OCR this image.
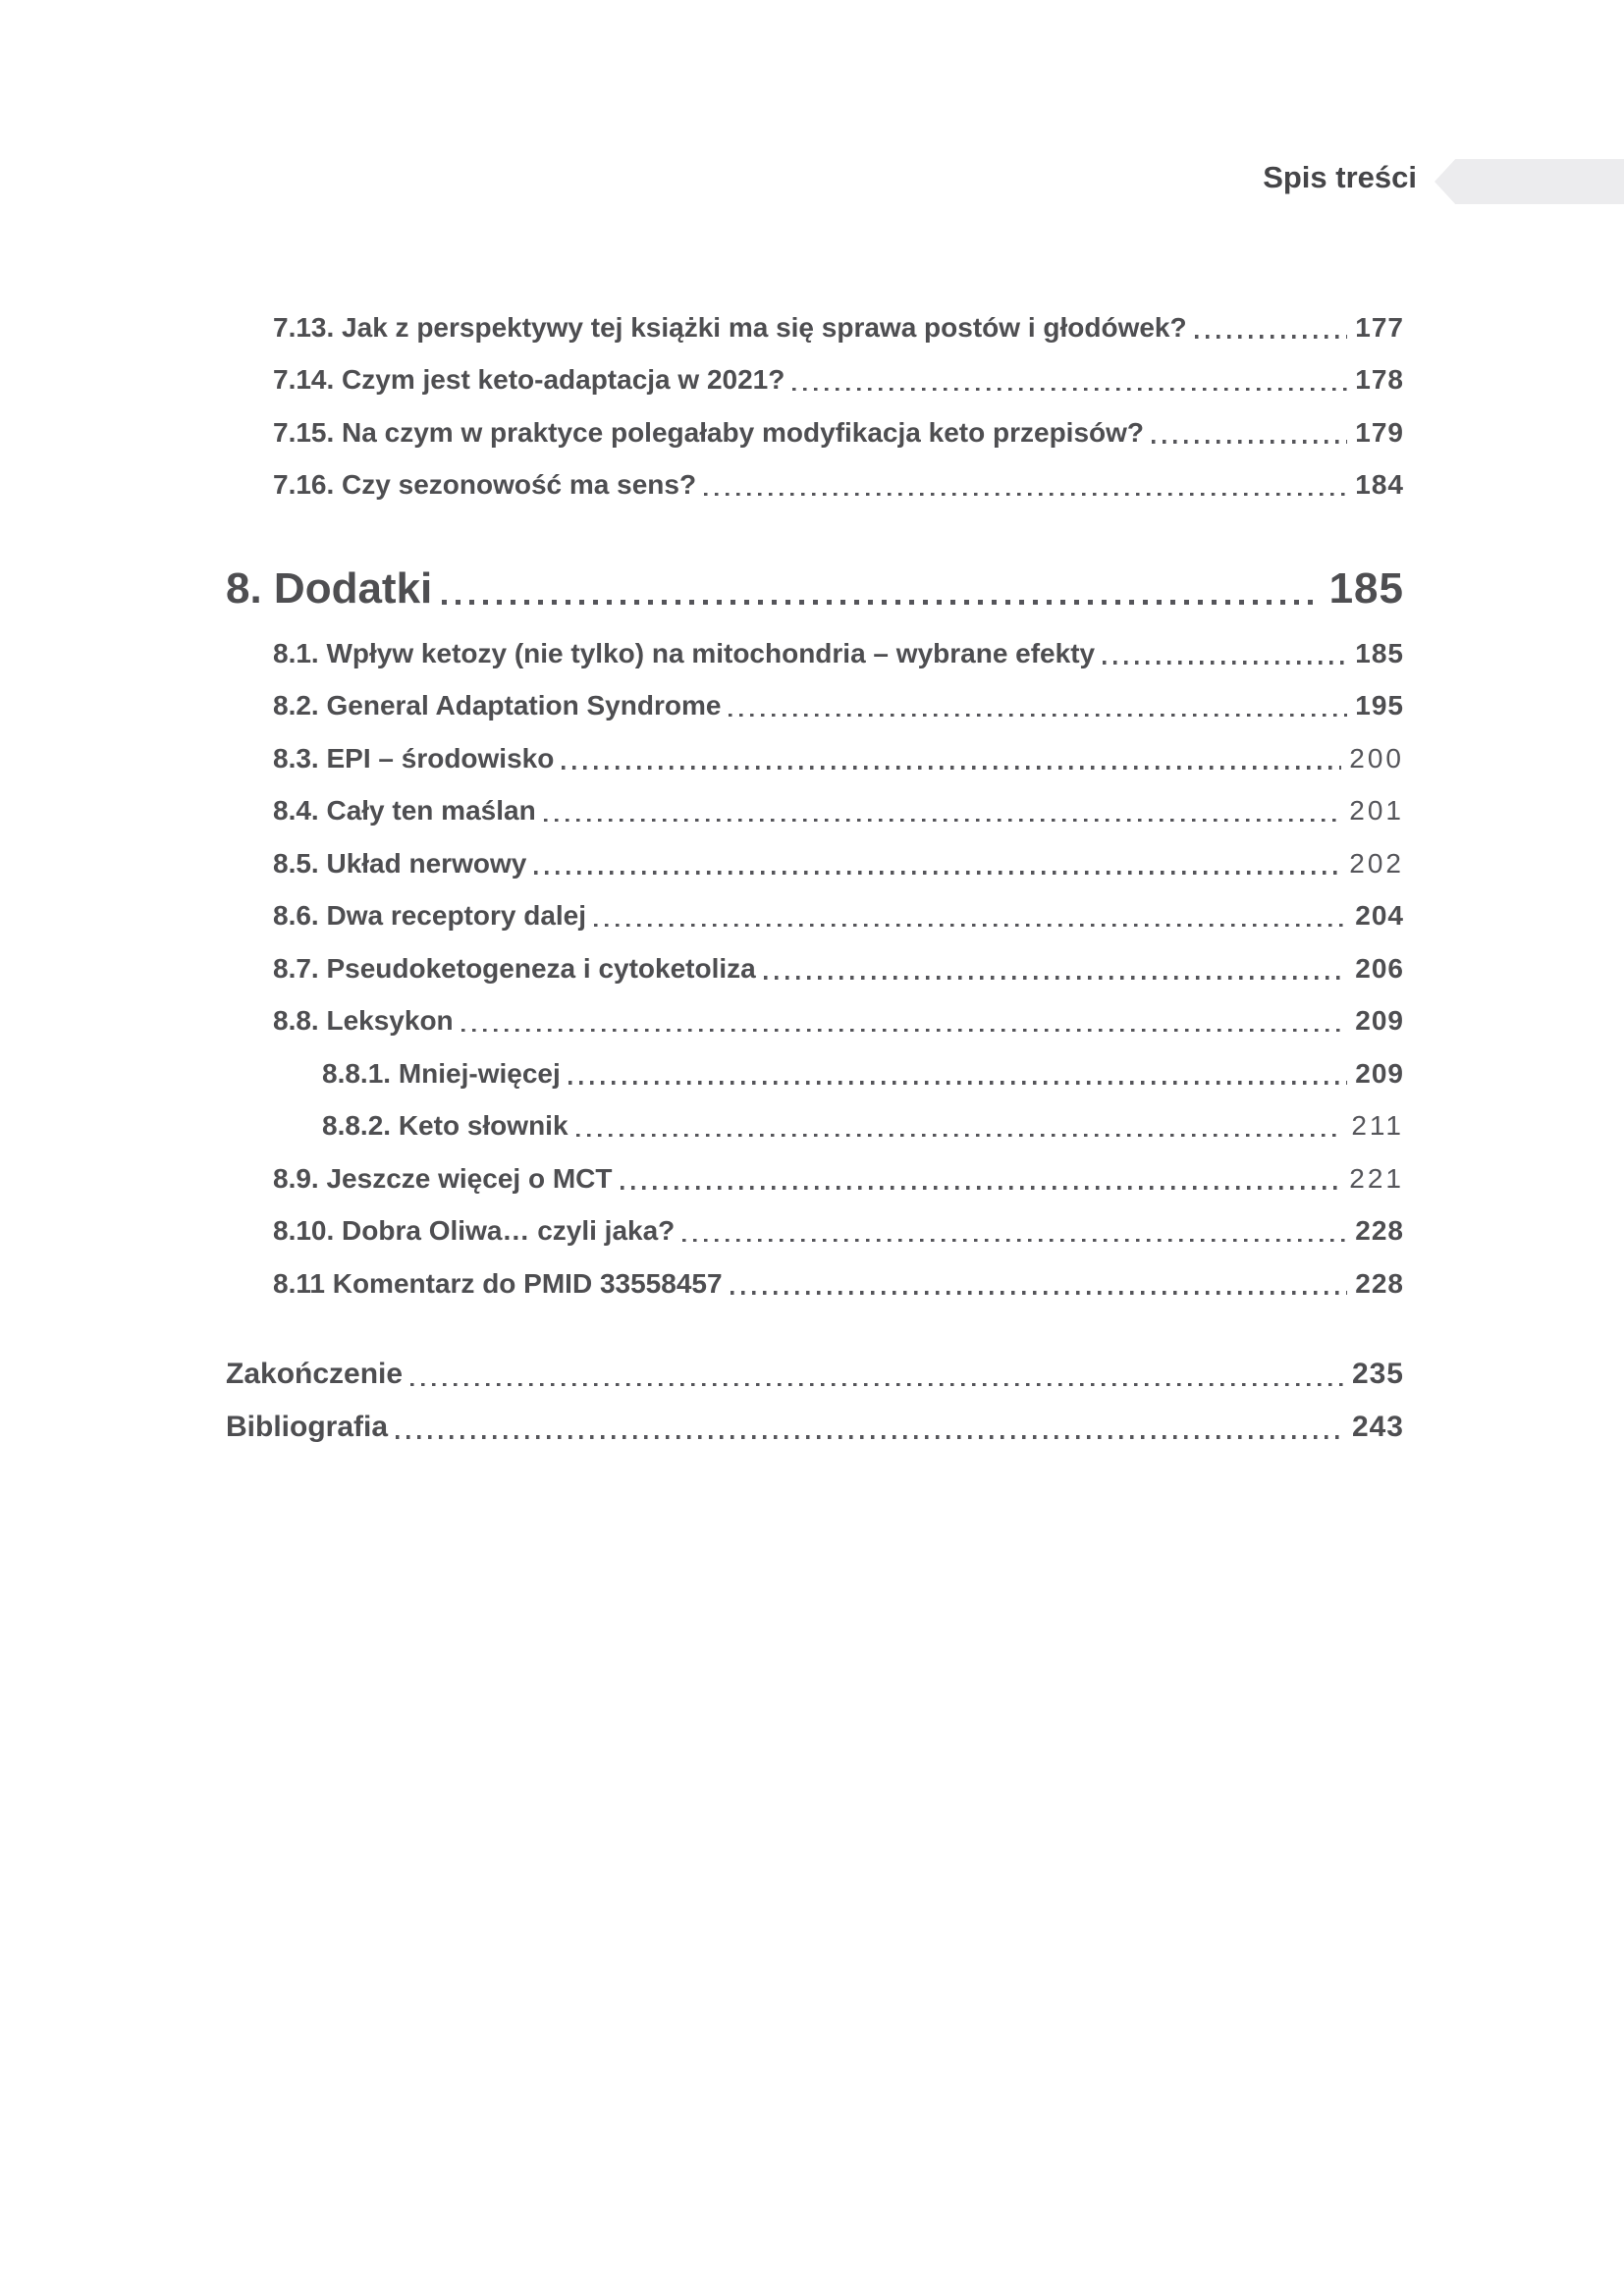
Spis treści
7.13. Jak z perspektywy tej książki ma się sprawa postów i głodówek?	177
7.14. Czym jest keto-adaptacja w 2021?	178
7.15. Na czym w praktyce polegałaby modyfikacja keto przepisów?	179
7.16. Czy sezonowość ma sens?	184
8. Dodatki	185
8.1. Wpływ ketozy (nie tylko) na mitochondria – wybrane efekty	185
8.2. General Adaptation Syndrome	195
8.3. EPI – środowisko	200
8.4. Cały ten maślan	201
8.5. Układ nerwowy	202
8.6. Dwa receptory dalej	204
8.7. Pseudoketogeneza i cytoketoliza	206
8.8. Leksykon	209
8.8.1. Mniej-więcej	209
8.8.2. Keto słownik	211
8.9. Jeszcze więcej o MCT	221
8.10. Dobra Oliwa… czyli jaka?	228
8.11 Komentarz do PMID 33558457	228
Zakończenie	235
Bibliografia	243
